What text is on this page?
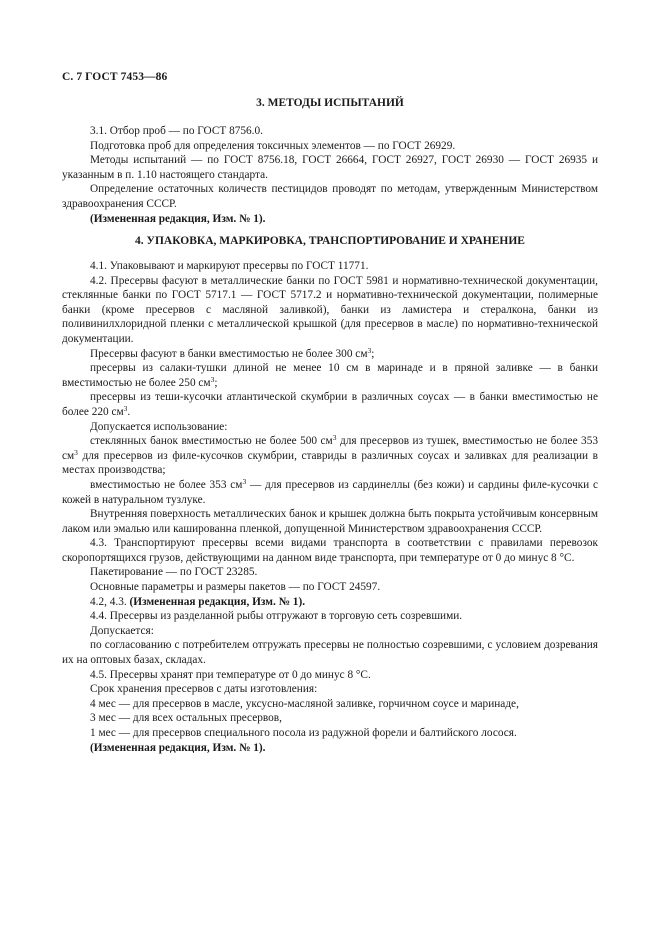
С. 7 ГОСТ 7453—86
3. МЕТОДЫ ИСПЫТАНИЙ

3.1. Отбор проб — по ГОСТ 8756.0.

Подготовка проб для определения токсичных элементов — по ГОСТ 26929.

Методы испытаний — по ГОСТ 8756.18, ГОСТ 26664, ГОСТ 26927, ГОСТ 26930 — ГОСТ 26935 и указанным в п. 1.10 настоящего стандарта.

Определение остаточных количеств пестицидов проводят по методам, утвержденным Министерством здравоохранения СССР.

(Измененная редакция, Изм. № 1).

4. УПАКОВКА, МАРКИРОВКА, ТРАНСПОРТИРОВАНИЕ И ХРАНЕНИЕ

4.1. Упаковывают и маркируют пресервы по ГОСТ 11771.

4.2. Пресервы фасуют в металлические банки по ГОСТ 5981 и нормативно-технической документации, стеклянные банки по ГОСТ 5717.1 — ГОСТ 5717.2 и нормативно-технической документации, полимерные банки (кроме пресервов с масляной заливкой), банки из ламистера и стералкона, банки из поливинилхлоридной пленки с металлической крышкой (для пресервов в масле) по нормативно-технической документации.

Пресервы фасуют в банки вместимостью не более 300 $см^3$;

пресервы из салаки-тушки длиной не менее 10 см в маринаде и в пряной заливке — в банки вместимостью не более 250 $см^3$;

пресервы из теши-кусочки атлантической скумбрии в различных соусах — в банки вместимостью не более 220 $см^3$.

Допускается использование:

стеклянных банок вместимостью не более 500 $см^3$ для пресервов из тушек, вместимостью не более 353 $см^3$ для пресервов из филе-кусочков скумбрии, ставриды в различных соусах и заливках для реализации в местах производства;

вместимостью не более 353 $см^3$ — для пресервов из сардинеллы (без кожи) и сардины филе-кусочки с кожей в натуральном тузлуке.

Внутренняя поверхность металлических банок и крышек должна быть покрыта устойчивым консервным лаком или эмалью или кашированна пленкой, допущенной Министерством здравоохранения СССР.

4.3. Транспортируют пресервы всеми видами транспорта в соответствии с правилами перевозок скоропортящихся грузов, действующими на данном виде транспорта, при температуре от 0 до минус 8 °С.

Пакетирование — по ГОСТ 23285.

Основные параметры и размеры пакетов — по ГОСТ 24597.

4.2, 4.3. (Измененная редакция, Изм. № 1).

4.4. Пресервы из разделанной рыбы отгружают в торговую сеть созревшими.

Допускается:

по согласованию с потребителем отгружать пресервы не полностью созревшими, с условием дозревания их на оптовых базах, складах.

4.5. Пресервы хранят при температуре от 0 до минус 8 °С.

Срок хранения пресервов с даты изготовления:

4 мес — для пресервов в масле, уксусно-масляной заливке, горчичном соусе и маринаде,

3 мес — для всех остальных пресервов,

1 мес — для пресервов специального посола из радужной форели и балтийского лосося.

(Измененная редакция, Изм. № 1).
